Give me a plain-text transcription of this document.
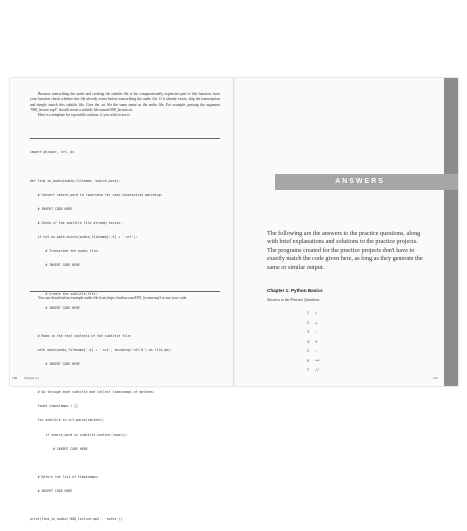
Because transcribing the audio and creating the subtitle file is the computationally expensive part of this function, have your function check whether this file already exists before transcribing the audio file. If it already exists, skip the transcription and simply search this subtitle file. Give the .srt file the same name as the audio file. For example, passing the argument "088_lecture.mp3" should create a subtitle file named 088_lecture.srt.

Here is a template for a possible solution, if you wish to use it:

import whisper, srt, os

def find_in_audio(audio_filename, search_word):

# Convert search_word to lowercase for case-insensitive matching:

# INSERT CODE HERE

# Check if the subtitle file already exists:

if not os.path.exists(audio_filename[:-4] + '.srt'):

# Transcribe the audio file:

# INSERT CODE HERE

# Create the subtitle file:

# INSERT CODE HERE

# Read in the text contents of the subtitle file:

with open(audio_filename[:-4] + '.srt', encoding='utf-8') as file_obj:

# INSERT CODE HERE

# Go through each subtitle and collect timestamps of matches:

found_timestamps = []

for subtitle in srt.parse(content):

if search_word in subtitle.content.lower():

# INSERT CODE HERE

# Return the list of timestamps:

# INSERT CODE HERE

print(find_in_audio('088_lecture.mp3', 'notes'))

You can download an example audio file from https://autbor.com/DIY_lecture.mp3 to use your code.

168 Chapter 41
ANSWERS

The following are the answers to the practice questions, along with brief explanations and solutions to the practice projects. The programs created for the practice projects don't have to exactly match the code given here, as long as they generate the same or similar output.

Chapter 1: Python Basics

Answers to the Practice Questions

1. (
2. +
3. -
4. %
5. -
6. **
7. //
167
